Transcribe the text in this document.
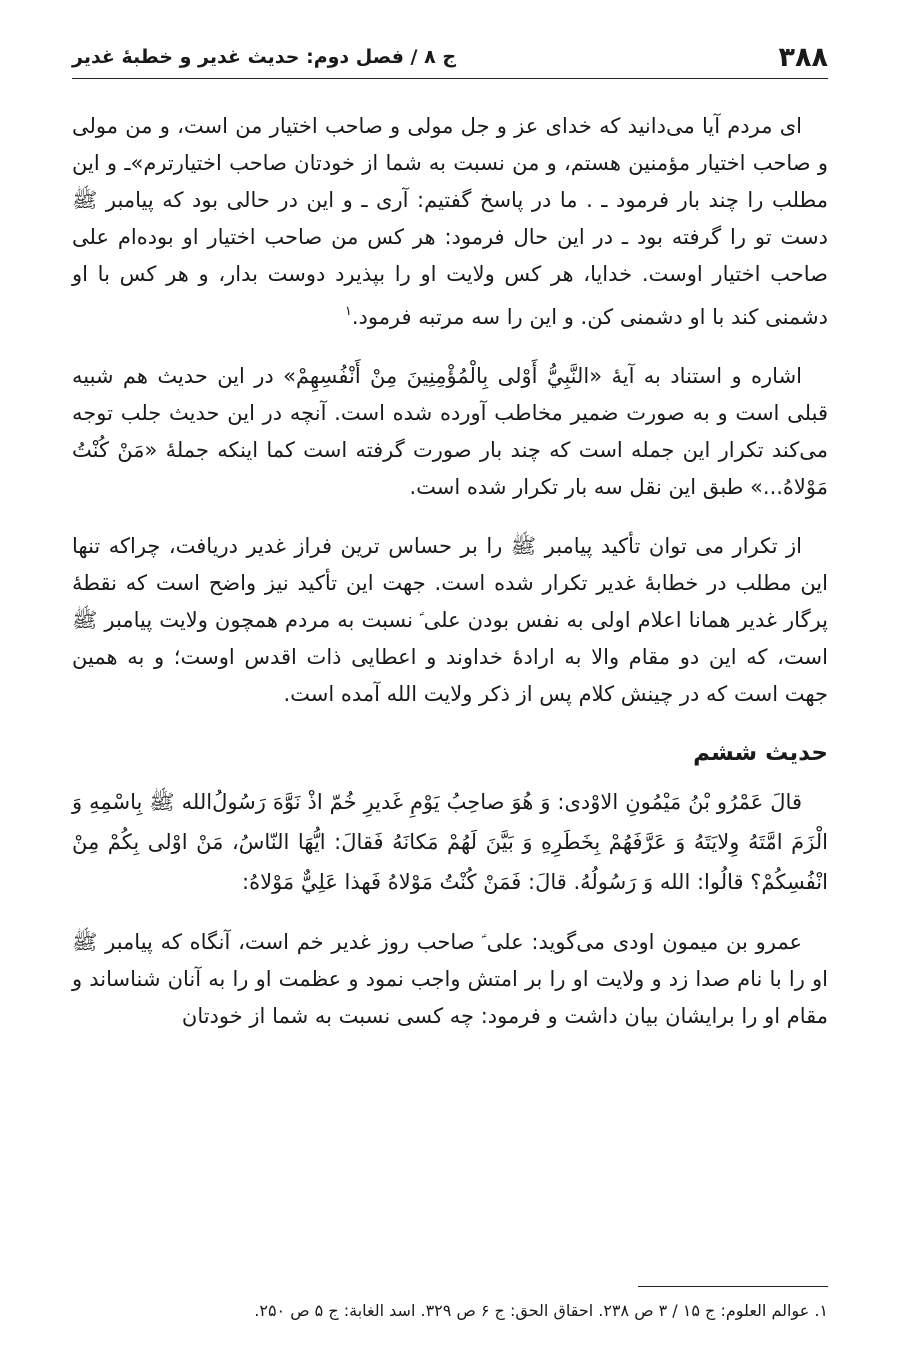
۳۸۸
ج ۸ / فصل دوم: حديث غدير و خطبهٔ غدير

ای مردم آیا می‌دانید که خدای عز و جل مولی و صاحب اختیار من است، و من مولی و صاحب اختیار مؤمنین هستم، و من نسبت به شما از خودتان صاحب اختیارترم»ـ و این مطلب را چند بار فرمود ـ . ما در پاسخ گفتیم: آری ـ و این در حالی بود که پیامبر ﷺ دست تو را گرفته بود ـ در این حال فرمود: هر کس من صاحب اختیار او بوده‌ام علی صاحب اختیار اوست. خدایا، هر کس ولایت او را بپذیرد دوست بدار، و هر کس با او دشمنی کند با او دشمنی کن. و این را سه مرتبه فرمود.$^۱$

اشاره و استناد به آیهٔ «النَّبِيُّ أَوْلى بِالْمُؤْمِنِينَ مِنْ أَنْفُسِهِمْ» در این حدیث هم شبیه قبلی است و به صورت ضمیر مخاطب آورده شده است. آنچه در این حدیث جلب توجه می‌کند تکرار این جمله است که چند بار صورت گرفته است کما اینکه جملهٔ «مَنْ كُنْتُ مَوْلاهُ...» طبق این نقل سه بار تکرار شده است.

از تکرار می توان تأکید پیامبر ﷺ را بر حساس ترین فراز غدیر دریافت، چراکه تنها این مطلب در خطابهٔ غدیر تکرار شده است. جهت این تأکید نیز واضح است که نقطهٔ پرگار غدیر همانا اعلام اولی به نفس بودن علی ؑ نسبت به مردم همچون ولایت پیامبر ﷺ است، که این دو مقام والا به ارادهٔ خداوند و اعطایی ذات اقدس اوست؛ و به همین جهت است که در چینش کلام پس از ذکر ولایت الله آمده است.

حدیث ششم

قالَ عَمْرُو بْنُ مَيْمُونِ الاوْدی: وَ هُوَ صاحِبُ يَوْمِ غَديرِ خُمّ اذْ نَوَّهَ رَسُولُ‌الله ﷺ بِاسْمِهِ وَ الْزَمَ امَّتَهُ وِلايَتَهُ وَ عَرَّفَهُمْ بِخَطَرِهِ وَ بَيَّنَ لَهُمْ مَكانَهُ فَقالَ: ايُّهَا النّاسُ، مَنْ اوْلى بِكُمْ مِنْ انْفُسِكُمْ؟ قالُوا: الله وَ رَسُولُهُ. قالَ: فَمَنْ كُنْتُ مَوْلاهُ فَهذا عَلِيٌّ مَوْلاهُ:

عمرو بن میمون اودی می‌گوید: علی ؑ صاحب روز غدیر خم است، آنگاه که پیامبر ﷺ او را با نام صدا زد و ولایت او را بر امتش واجب نمود و عظمت او را به آنان شناساند و مقام او را برایشان بیان داشت و فرمود: چه کسی نسبت به شما از خودتان

۱. عوالم العلوم: ج ۱۵ / ۳ ص ۲۳۸. احقاق الحق: ج ۶ ص ۳۲۹. اسد الغابة: ج ۵ ص ۲۵۰.
